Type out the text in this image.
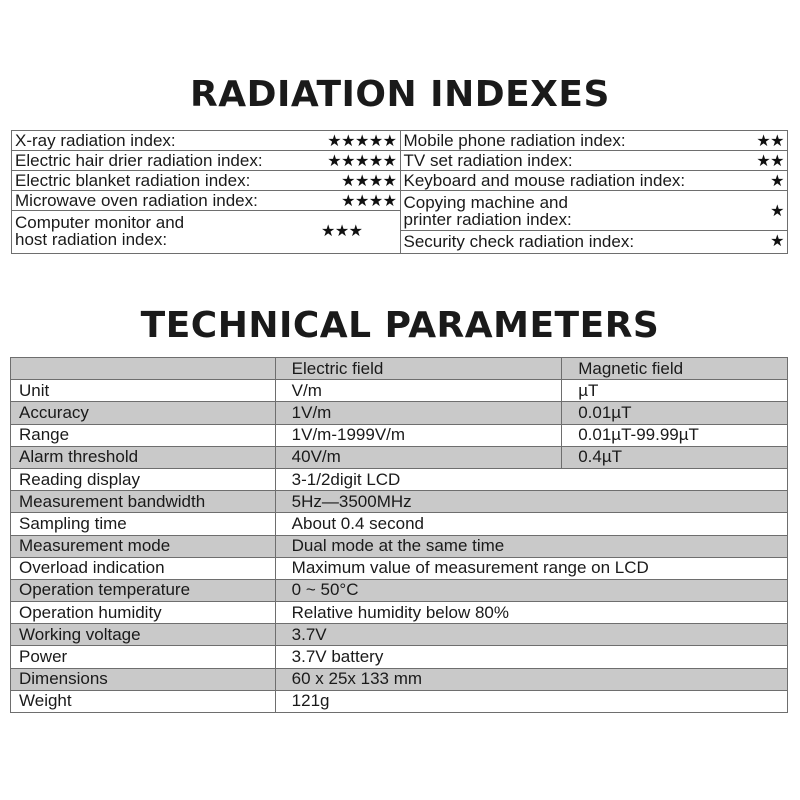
RADIATION INDEXES
X-ray radiation index:	★★★★★
Electric hair drier radiation index:	★★★★★
Electric blanket radiation index:	★★★★
Microwave oven radiation index:	★★★★
Computer monitor and
host radiation index:	★★★
Mobile phone radiation index:	★★
TV set radiation index:	★★
Keyboard and mouse radiation index:	★
Copying machine and
printer radiation index:	★
Security check radiation index:	★
TECHNICAL PARAMETERS
	Electric field	Magnetic field
Unit	V/m	µT
Accuracy	1V/m	0.01µT
Range	1V/m-1999V/m	0.01µT-99.99µT
Alarm threshold	40V/m	0.4µT
Reading display	3-1/2digit LCD	
Measurement bandwidth	5Hz—3500MHz	
Sampling time	About 0.4 second	
Measurement mode	Dual mode at the same time	
Overload indication	Maximum value of measurement range on LCD	
Operation temperature	0 ~ 50°C	
Operation humidity	Relative humidity below 80%	
Working voltage	3.7V	
Power	3.7V battery	
Dimensions	60 x 25x 133 mm	
Weight	121g	
